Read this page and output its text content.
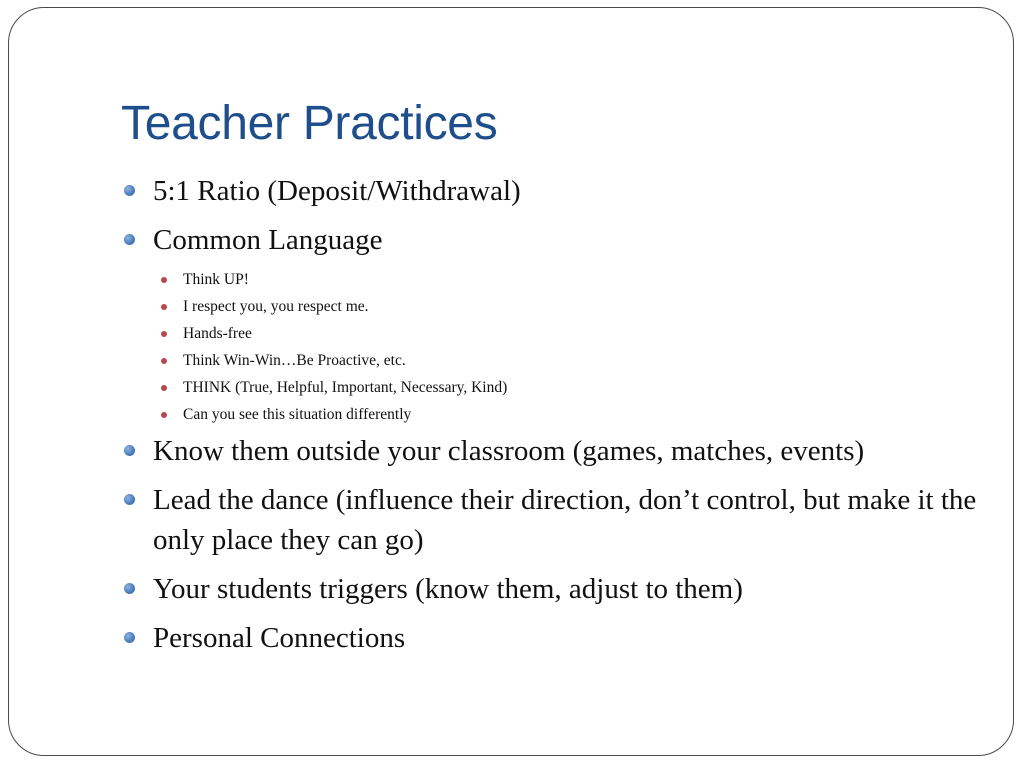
Teacher Practices
5:1 Ratio (Deposit/Withdrawal)
Common Language
Think UP!
I respect you, you respect me.
Hands-free
Think Win-Win…Be Proactive, etc.
THINK (True, Helpful, Important, Necessary, Kind)
Can you see this situation differently
Know them outside your classroom (games, matches, events)
Lead the dance (influence their direction, don’t control, but make it the only place they can go)
Your students triggers (know them, adjust to them)
Personal Connections
